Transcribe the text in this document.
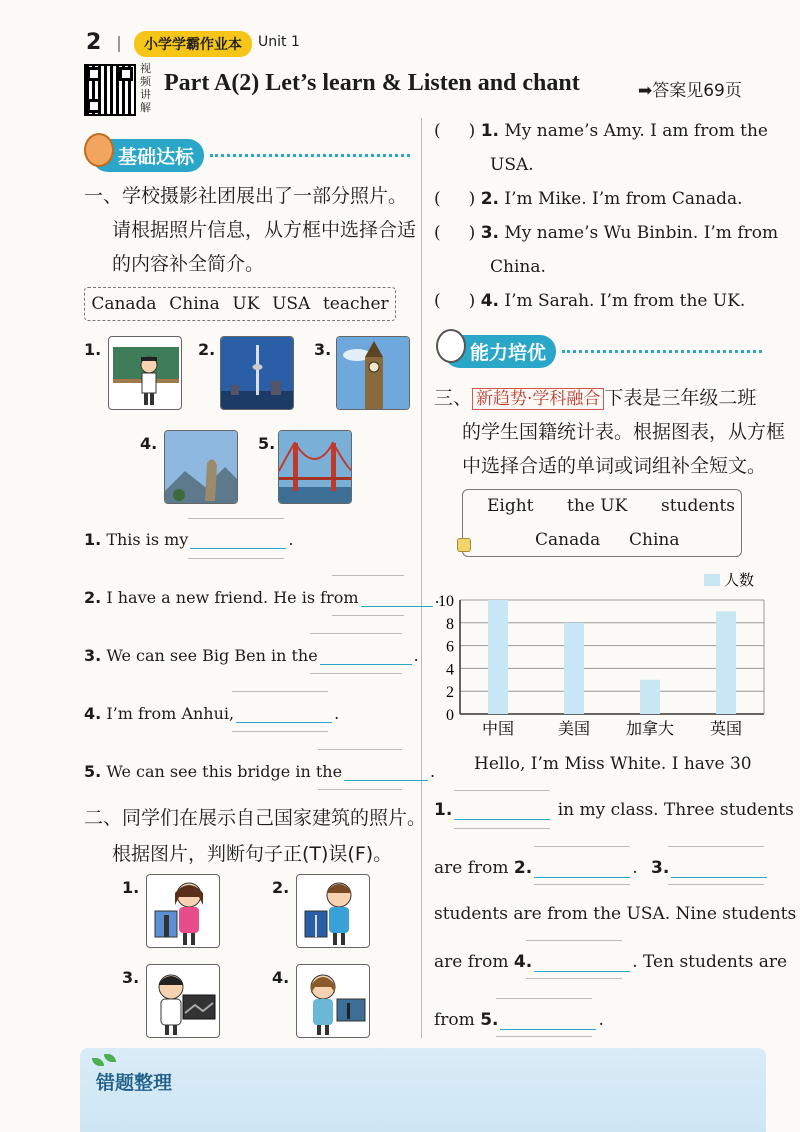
2	小学学霸作业本	Unit 1
视频讲解
Part A(2) Let’s learn & Listen and chant	➡答案见69页
基础达标
一、学校摄影社团展出了一部分照片。
请根据照片信息，从方框中选择合适
的内容补全简介。
Canada China UK USA teacher
1.	2.	3.
4.	5.
1. This is my	.
2. I have a new friend. He is from	.
3. We can see Big Ben in the	.
4. I’m from Anhui,	.
5. We can see this bridge in the	.
二、同学们在展示自己国家建筑的照片。
根据图片，判断句子正(T)误(F)。
1.	2.
3.	4.
( ) 1. My name’s Amy. I am from the
USA.
( ) 2. I’m Mike. I’m from Canada.
( ) 3. My name’s Wu Binbin. I’m from
China.
( ) 4. I’m Sarah. I’m from the UK.
能力培优
三、 新趋势·学科融合 下表是三年级二班
的学生国籍统计表。根据图表，从方框
中选择合适的单词或词组补全短文。
Eight the UK students
Canada China
0
2
4
6
8
10
中国	美国 加拿大 英国
人数
Hello, I’m Miss White. I have 30
1.	in my class. Three students
are from 2.	. 3.
students are from the USA. Nine students
are from 4.	. Ten students are
from 5.	.
错题整理
